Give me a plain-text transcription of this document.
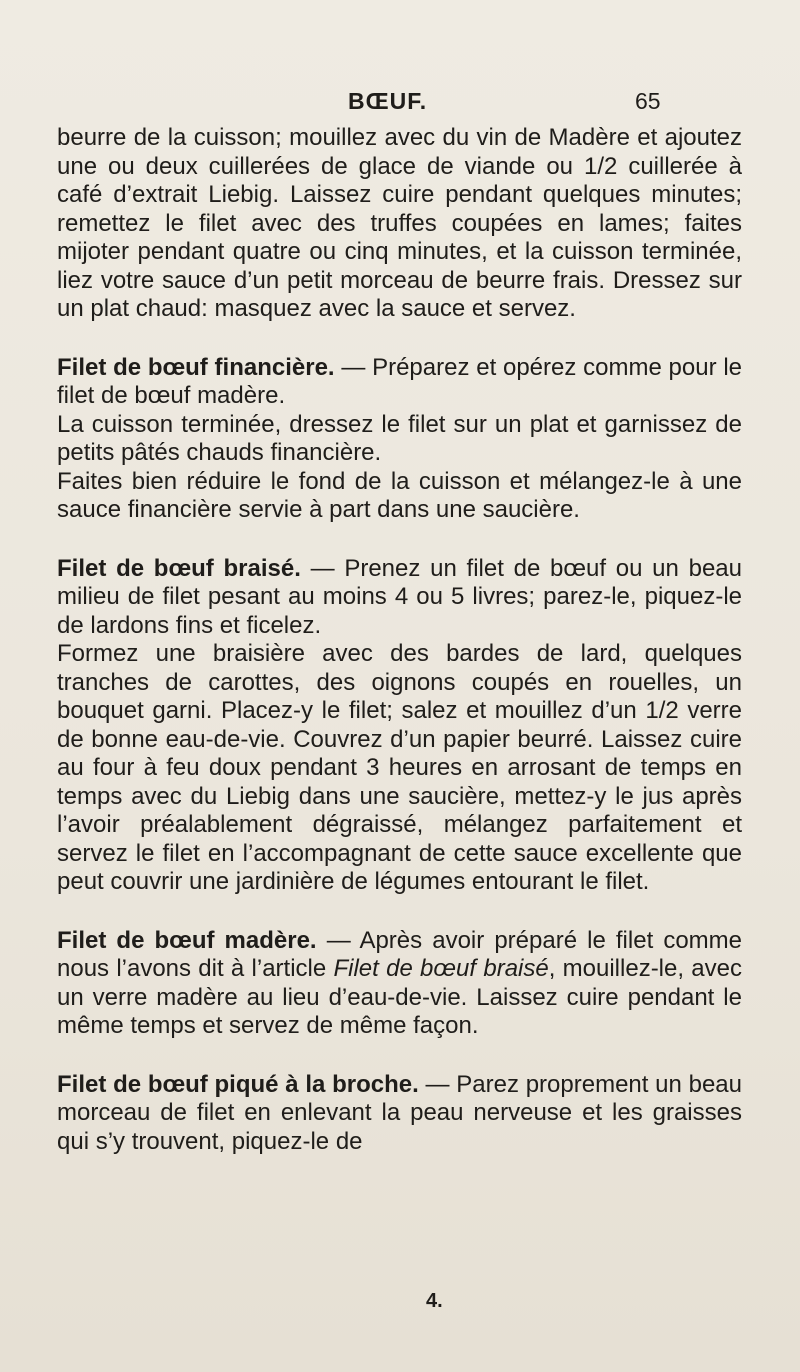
BŒUF.	65

beurre de la cuisson; mouillez avec du vin de Madère et ajoutez une ou deux cuillerées de glace de viande ou 1/2 cuillerée à café d’extrait Liebig. Laissez cuire pendant quelques minutes; remettez le filet avec des truffes coupées en lames; faites mijoter pendant quatre ou cinq minutes, et la cuisson terminée, liez votre sauce d’un petit morceau de beurre frais. Dressez sur un plat chaud: masquez avec la sauce et servez.

Filet de bœuf financière. — Préparez et opérez comme pour le filet de bœuf madère.

La cuisson terminée, dressez le filet sur un plat et garnissez de petits pâtés chauds financière.

Faites bien réduire le fond de la cuisson et mélangez-le à une sauce financière servie à part dans une saucière.

Filet de bœuf braisé. — Prenez un filet de bœuf ou un beau milieu de filet pesant au moins 4 ou 5 livres; parez-le, piquez-le de lardons fins et ficelez.

Formez une braisière avec des bardes de lard, quelques tranches de carottes, des oignons coupés en rouelles, un bouquet garni. Placez-y le filet; salez et mouillez d’un 1/2 verre de bonne eau-de-vie. Couvrez d’un papier beurré. Laissez cuire au four à feu doux pendant 3 heures en arrosant de temps en temps avec du Liebig dans une saucière, mettez-y le jus après l’avoir préalablement dégraissé, mélangez parfaitement et servez le filet en l’accompagnant de cette sauce excellente que peut couvrir une jardinière de légumes entourant le filet.

Filet de bœuf madère. — Après avoir préparé le filet comme nous l’avons dit à l’article Filet de bœuf braisé, mouillez-le, avec un verre madère au lieu d’eau-de-vie. Laissez cuire pendant le même temps et servez de même façon.

Filet de bœuf piqué à la broche. — Parez proprement un beau morceau de filet en enlevant la peau nerveuse et les graisses qui s’y trouvent, piquez-le de

4.
